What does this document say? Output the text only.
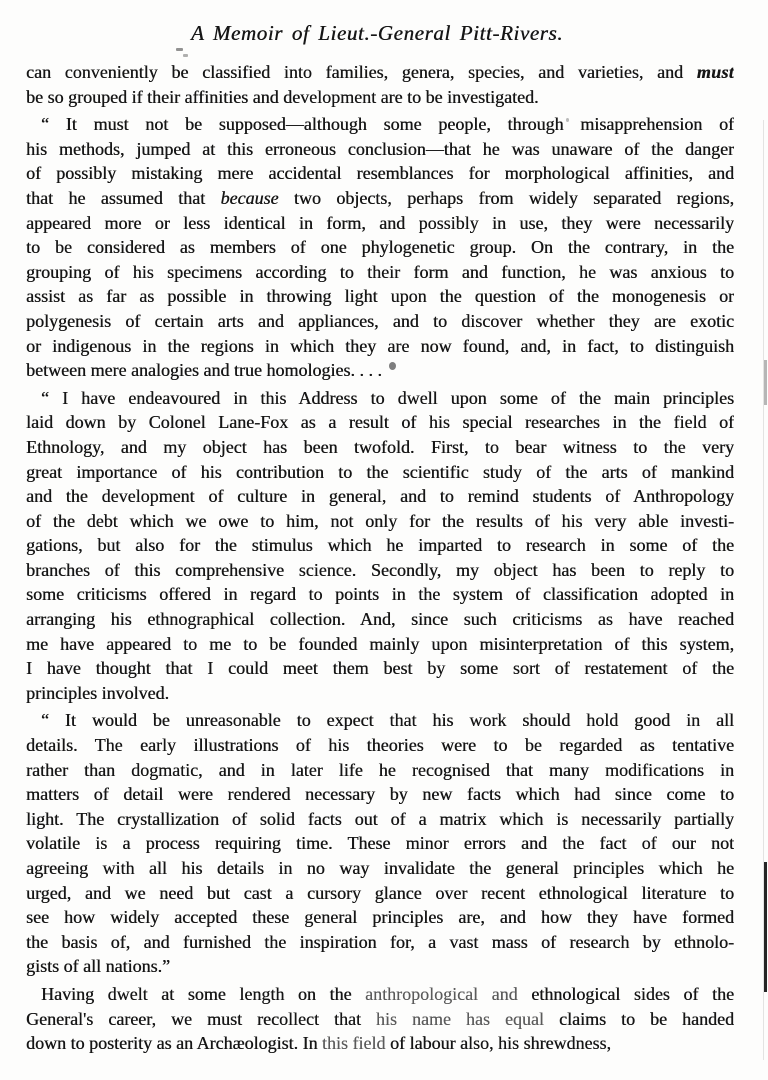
A Memoir of Lieut.-General Pitt-Rivers.
can conveniently be classified into families, genera, species, and varieties, and must
be so grouped if their affinities and development are to be investigated.
“ It must not be supposed—although some people, through misapprehension of
his methods, jumped at this erroneous conclusion—that he was unaware of the danger
of possibly mistaking mere accidental resemblances for morphological affinities, and
that he assumed that because two objects, perhaps from widely separated regions,
appeared more or less identical in form, and possibly in use, they were necessarily
to be considered as members of one phylogenetic group. On the contrary, in the
grouping of his specimens according to their form and function, he was anxious to
assist as far as possible in throwing light upon the question of the monogenesis or
polygenesis of certain arts and appliances, and to discover whether they are exotic
or indigenous in the regions in which they are now found, and, in fact, to distinguish
between mere analogies and true homologies. . . .
“ I have endeavoured in this Address to dwell upon some of the main principles
laid down by Colonel Lane-Fox as a result of his special researches in the field of
Ethnology, and my object has been twofold. First, to bear witness to the very
great importance of his contribution to the scientific study of the arts of mankind
and the development of culture in general, and to remind students of Anthropology
of the debt which we owe to him, not only for the results of his very able investi-
gations, but also for the stimulus which he imparted to research in some of the
branches of this comprehensive science. Secondly, my object has been to reply to
some criticisms offered in regard to points in the system of classification adopted in
arranging his ethnographical collection. And, since such criticisms as have reached
me have appeared to me to be founded mainly upon misinterpretation of this system,
I have thought that I could meet them best by some sort of restatement of the
principles involved.
“ It would be unreasonable to expect that his work should hold good in all
details. The early illustrations of his theories were to be regarded as tentative
rather than dogmatic, and in later life he recognised that many modifications in
matters of detail were rendered necessary by new facts which had since come to
light. The crystallization of solid facts out of a matrix which is necessarily partially
volatile is a process requiring time. These minor errors and the fact of our not
agreeing with all his details in no way invalidate the general principles which he
urged, and we need but cast a cursory glance over recent ethnological literature to
see how widely accepted these general principles are, and how they have formed
the basis of, and furnished the inspiration for, a vast mass of research by ethnolo-
gists of all nations.”
Having dwelt at some length on the anthropological and ethnological sides of the
General's career, we must recollect that his name has equal claims to be handed
down to posterity as an Archæologist. In this field of labour also, his shrewdness,
